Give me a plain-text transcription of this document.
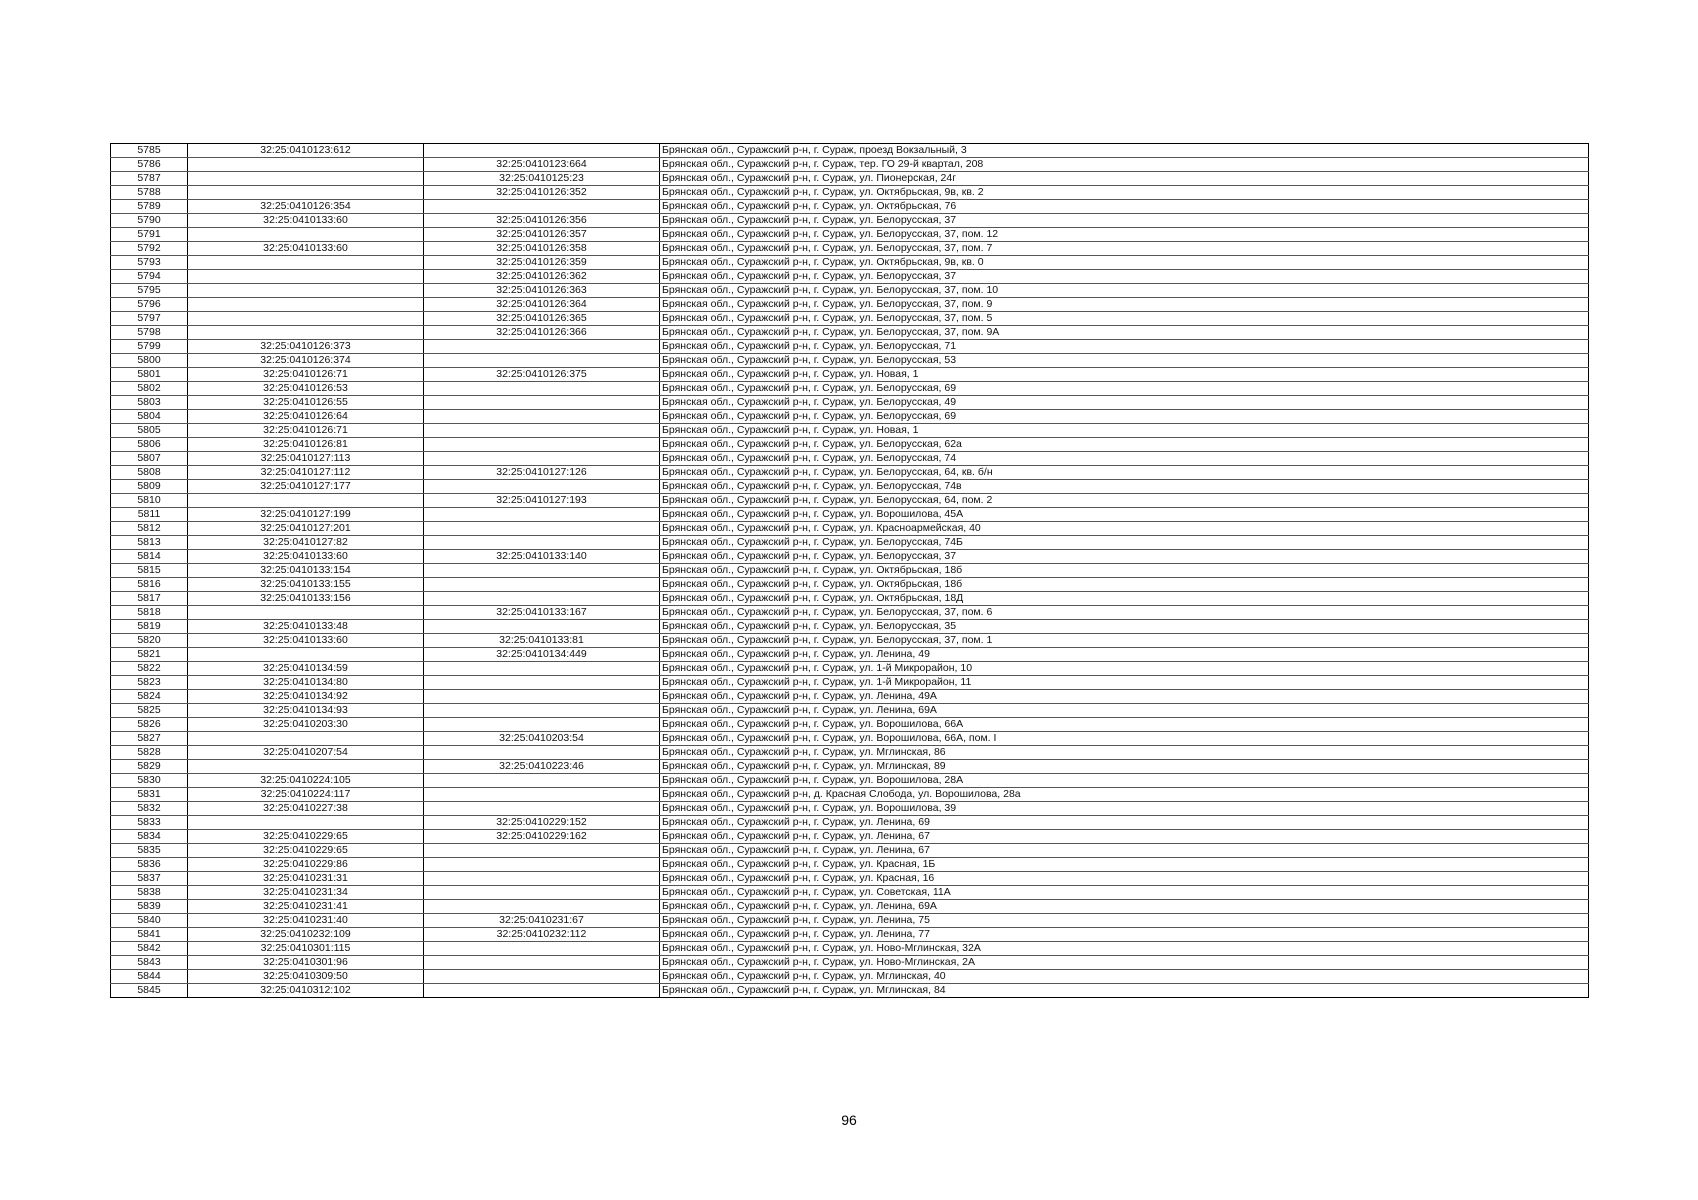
5785	32:25:0410123:612		Брянская обл., Суражский р-н, г. Сураж, проезд Вокзальный, 3
5786		32:25:0410123:664	Брянская обл., Суражский р-н, г. Сураж, тер. ГО 29-й квартал, 208
5787		32:25:0410125:23	Брянская обл., Суражский р-н, г. Сураж, ул. Пионерская, 24г
5788		32:25:0410126:352	Брянская обл., Суражский р-н, г. Сураж, ул. Октябрьская, 9в, кв. 2
5789	32:25:0410126:354		Брянская обл., Суражский р-н, г. Сураж, ул. Октябрьская, 76
5790	32:25:0410133:60	32:25:0410126:356	Брянская обл., Суражский р-н, г. Сураж, ул. Белорусская, 37
5791		32:25:0410126:357	Брянская обл., Суражский р-н, г. Сураж, ул. Белорусская, 37, пом. 12
5792	32:25:0410133:60	32:25:0410126:358	Брянская обл., Суражский р-н, г. Сураж, ул. Белорусская, 37, пом. 7
5793		32:25:0410126:359	Брянская обл., Суражский р-н, г. Сураж, ул. Октябрьская, 9в, кв. 0
5794		32:25:0410126:362	Брянская обл., Суражский р-н, г. Сураж, ул. Белорусская, 37
5795		32:25:0410126:363	Брянская обл., Суражский р-н, г. Сураж, ул. Белорусская, 37, пом. 10
5796		32:25:0410126:364	Брянская обл., Суражский р-н, г. Сураж, ул. Белорусская, 37, пом. 9
5797		32:25:0410126:365	Брянская обл., Суражский р-н, г. Сураж, ул. Белорусская, 37, пом. 5
5798		32:25:0410126:366	Брянская обл., Суражский р-н, г. Сураж, ул. Белорусская, 37, пом. 9А
5799	32:25:0410126:373		Брянская обл., Суражский р-н, г. Сураж, ул. Белорусская, 71
5800	32:25:0410126:374		Брянская обл., Суражский р-н, г. Сураж, ул. Белорусская, 53
5801	32:25:0410126:71	32:25:0410126:375	Брянская обл., Суражский р-н, г. Сураж, ул. Новая, 1
5802	32:25:0410126:53		Брянская обл., Суражский р-н, г. Сураж, ул. Белорусская, 69
5803	32:25:0410126:55		Брянская обл., Суражский р-н, г. Сураж, ул. Белорусская, 49
5804	32:25:0410126:64		Брянская обл., Суражский р-н, г. Сураж, ул. Белорусская, 69
5805	32:25:0410126:71		Брянская обл., Суражский р-н, г. Сураж, ул. Новая, 1
5806	32:25:0410126:81		Брянская обл., Суражский р-н, г. Сураж, ул. Белорусская, 62а
5807	32:25:0410127:113		Брянская обл., Суражский р-н, г. Сураж, ул. Белорусская, 74
5808	32:25:0410127:112	32:25:0410127:126	Брянская обл., Суражский р-н, г. Сураж, ул. Белорусская, 64, кв. б/н
5809	32:25:0410127:177		Брянская обл., Суражский р-н, г. Сураж, ул. Белорусская, 74в
5810		32:25:0410127:193	Брянская обл., Суражский р-н, г. Сураж, ул. Белорусская, 64, пом. 2
5811	32:25:0410127:199		Брянская обл., Суражский р-н, г. Сураж, ул. Ворошилова, 45А
5812	32:25:0410127:201		Брянская обл., Суражский р-н, г. Сураж, ул. Красноармейская, 40
5813	32:25:0410127:82		Брянская обл., Суражский р-н, г. Сураж, ул. Белорусская, 74Б
5814	32:25:0410133:60	32:25:0410133:140	Брянская обл., Суражский р-н, г. Сураж, ул. Белорусская, 37
5815	32:25:0410133:154		Брянская обл., Суражский р-н, г. Сураж, ул. Октябрьская, 18б
5816	32:25:0410133:155		Брянская обл., Суражский р-н, г. Сураж, ул. Октябрьская, 18б
5817	32:25:0410133:156		Брянская обл., Суражский р-н, г. Сураж, ул. Октябрьская, 18Д
5818		32:25:0410133:167	Брянская обл., Суражский р-н, г. Сураж, ул. Белорусская, 37, пом. 6
5819	32:25:0410133:48		Брянская обл., Суражский р-н, г. Сураж, ул. Белорусская, 35
5820	32:25:0410133:60	32:25:0410133:81	Брянская обл., Суражский р-н, г. Сураж, ул. Белорусская, 37, пом. 1
5821		32:25:0410134:449	Брянская обл., Суражский р-н, г. Сураж, ул. Ленина, 49
5822	32:25:0410134:59		Брянская обл., Суражский р-н, г. Сураж, ул. 1-й Микрорайон, 10
5823	32:25:0410134:80		Брянская обл., Суражский р-н, г. Сураж, ул. 1-й Микрорайон, 11
5824	32:25:0410134:92		Брянская обл., Суражский р-н, г. Сураж, ул. Ленина, 49А
5825	32:25:0410134:93		Брянская обл., Суражский р-н, г. Сураж, ул. Ленина, 69А
5826	32:25:0410203:30		Брянская обл., Суражский р-н, г. Сураж, ул. Ворошилова, 66А
5827		32:25:0410203:54	Брянская обл., Суражский р-н, г. Сураж, ул. Ворошилова, 66А, пом. I
5828	32:25:0410207:54		Брянская обл., Суражский р-н, г. Сураж, ул. Мглинская, 86
5829		32:25:0410223:46	Брянская обл., Суражский р-н, г. Сураж, ул. Мглинская, 89
5830	32:25:0410224:105		Брянская обл., Суражский р-н, г. Сураж, ул. Ворошилова, 28А
5831	32:25:0410224:117		Брянская обл., Суражский р-н, д. Красная Слобода, ул. Ворошилова, 28а
5832	32:25:0410227:38		Брянская обл., Суражский р-н, г. Сураж, ул. Ворошилова, 39
5833		32:25:0410229:152	Брянская обл., Суражский р-н, г. Сураж, ул. Ленина, 69
5834	32:25:0410229:65	32:25:0410229:162	Брянская обл., Суражский р-н, г. Сураж, ул. Ленина, 67
5835	32:25:0410229:65		Брянская обл., Суражский р-н, г. Сураж, ул. Ленина, 67
5836	32:25:0410229:86		Брянская обл., Суражский р-н, г. Сураж, ул. Красная, 1Б
5837	32:25:0410231:31		Брянская обл., Суражский р-н, г. Сураж, ул. Красная, 16
5838	32:25:0410231:34		Брянская обл., Суражский р-н, г. Сураж, ул. Советская, 11А
5839	32:25:0410231:41		Брянская обл., Суражский р-н, г. Сураж, ул. Ленина, 69А
5840	32:25:0410231:40	32:25:0410231:67	Брянская обл., Суражский р-н, г. Сураж, ул. Ленина, 75
5841	32:25:0410232:109	32:25:0410232:112	Брянская обл., Суражский р-н, г. Сураж, ул. Ленина, 77
5842	32:25:0410301:115		Брянская обл., Суражский р-н, г. Сураж, ул. Ново-Мглинская, 32А
5843	32:25:0410301:96		Брянская обл., Суражский р-н, г. Сураж, ул. Ново-Мглинская, 2А
5844	32:25:0410309:50		Брянская обл., Суражский р-н, г. Сураж, ул. Мглинская, 40
5845	32:25:0410312:102		Брянская обл., Суражский р-н, г. Сураж, ул. Мглинская, 84
96
